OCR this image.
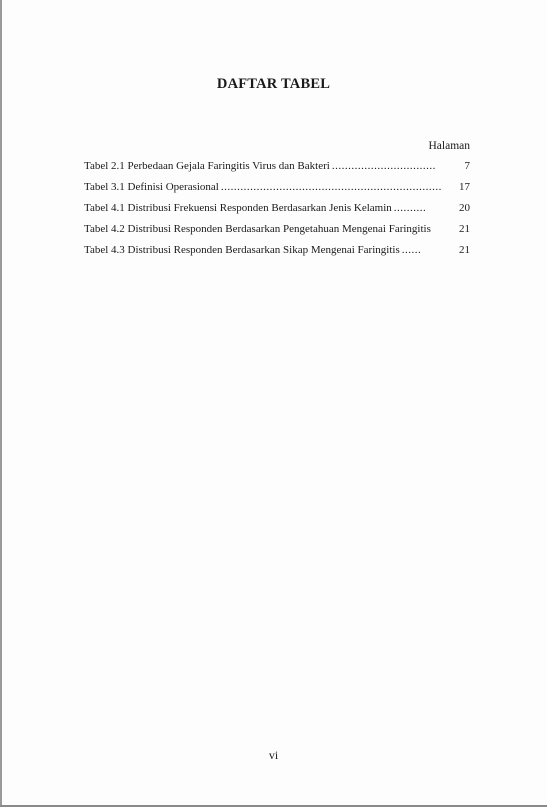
DAFTAR TABEL
Halaman
Tabel 2.1 Perbedaan Gejala Faringitis Virus dan Bakteri ................................	7
Tabel 3.1 Definisi Operasional ....................................................................	17
Tabel 4.1 Distribusi Frekuensi Responden Berdasarkan Jenis Kelamin ..........	20
Tabel 4.2 Distribusi Responden Berdasarkan Pengetahuan Mengenai Faringitis	21
Tabel 4.3 Distribusi Responden Berdasarkan Sikap Mengenai Faringitis ......	21
vi
